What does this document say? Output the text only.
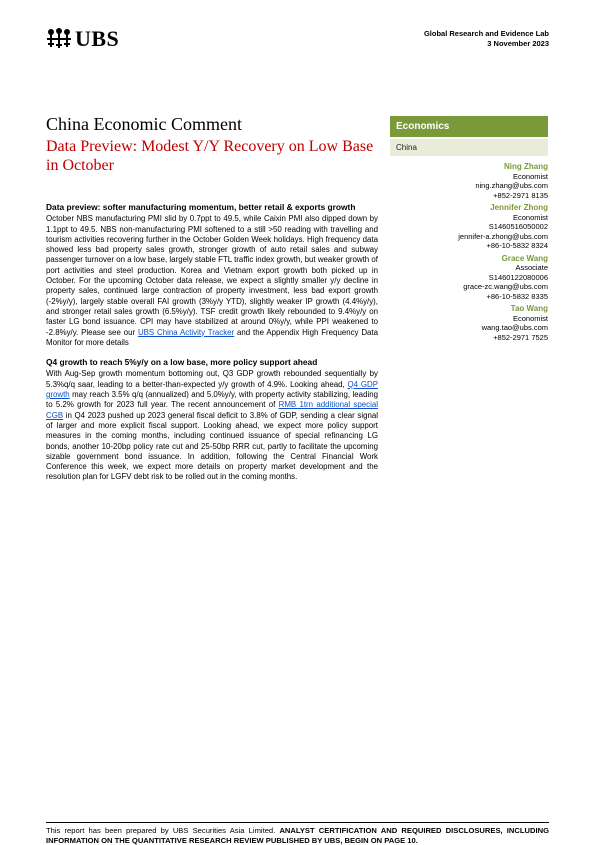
UBS	Global Research and Evidence Lab
3 November 2023
China Economic Comment
Data Preview: Modest Y/Y Recovery on Low Base in October
Economics
China
Ning Zhang
Economist
ning.zhang@ubs.com
+852-2971 8135
Jennifer Zhong
Economist
S1460516050002
jennifer-a.zhong@ubs.com
+86-10-5832 8324
Grace Wang
Associate
S1460122080006
grace-zc.wang@ubs.com
+86-10-5832 8335
Tao Wang
Economist
wang.tao@ubs.com
+852-2971 7525
Data preview: softer manufacturing momentum, better retail & exports growth

October NBS manufacturing PMI slid by 0.7ppt to 49.5, while Caixin PMI also dipped down by 1.1ppt to 49.5. NBS non-manufacturing PMI softened to a still >50 reading with travelling and tourism activities recovering further in the October Golden Week holidays. High frequency data showed less bad property sales growth, stronger growth of auto retail sales and subway passenger turnover on a low base, largely stable FTL traffic index growth, but weaker growth of port activities and steel production. Korea and Vietnam export growth both picked up in October. For the upcoming October data release, we expect a slightly smaller y/y decline in property sales, continued large contraction of property investment, less bad export growth (-2%y/y), largely stable overall FAI growth (3%y/y YTD), slightly weaker IP growth (4.4%y/y), and stronger retail sales growth (6.5%y/y). TSF credit growth likely rebounded to 9.4%y/y on faster LG bond issuance. CPI may have stabilized at around 0%y/y, while PPI weakened to -2.8%y/y. Please see our UBS China Activity Tracker and the Appendix High Frequency Data Monitor for more details

Q4 growth to reach 5%y/y on a low base, more policy support ahead

With Aug-Sep growth momentum bottoming out, Q3 GDP growth rebounded sequentially by 5.3%q/q saar, leading to a better-than-expected y/y growth of 4.9%. Looking ahead, Q4 GDP growth may reach 3.5% q/q (annualized) and 5.0%y/y, with property activity stabilizing, leading to 5.2% growth for 2023 full year. The recent announcement of RMB 1trn additional special CGB in Q4 2023 pushed up 2023 general fiscal deficit to 3.8% of GDP, sending a clear signal of larger and more explicit fiscal support. Looking ahead, we expect more policy support measures in the coming months, including continued issuance of special refinancing LG bonds, another 10-20bp policy rate cut and 25-50bp RRR cut, partly to facilitate the upcoming sizable government bond issuance. In addition, following the Central Financial Work Conference this week, we expect more details on property market development and the resolution plan for LGFV debt risk to be rolled out in the coming months.

This report has been prepared by UBS Securities Asia Limited. ANALYST CERTIFICATION AND REQUIRED DISCLOSURES, INCLUDING INFORMATION ON THE QUANTITATIVE RESEARCH REVIEW PUBLISHED BY UBS, BEGIN ON PAGE 10.
